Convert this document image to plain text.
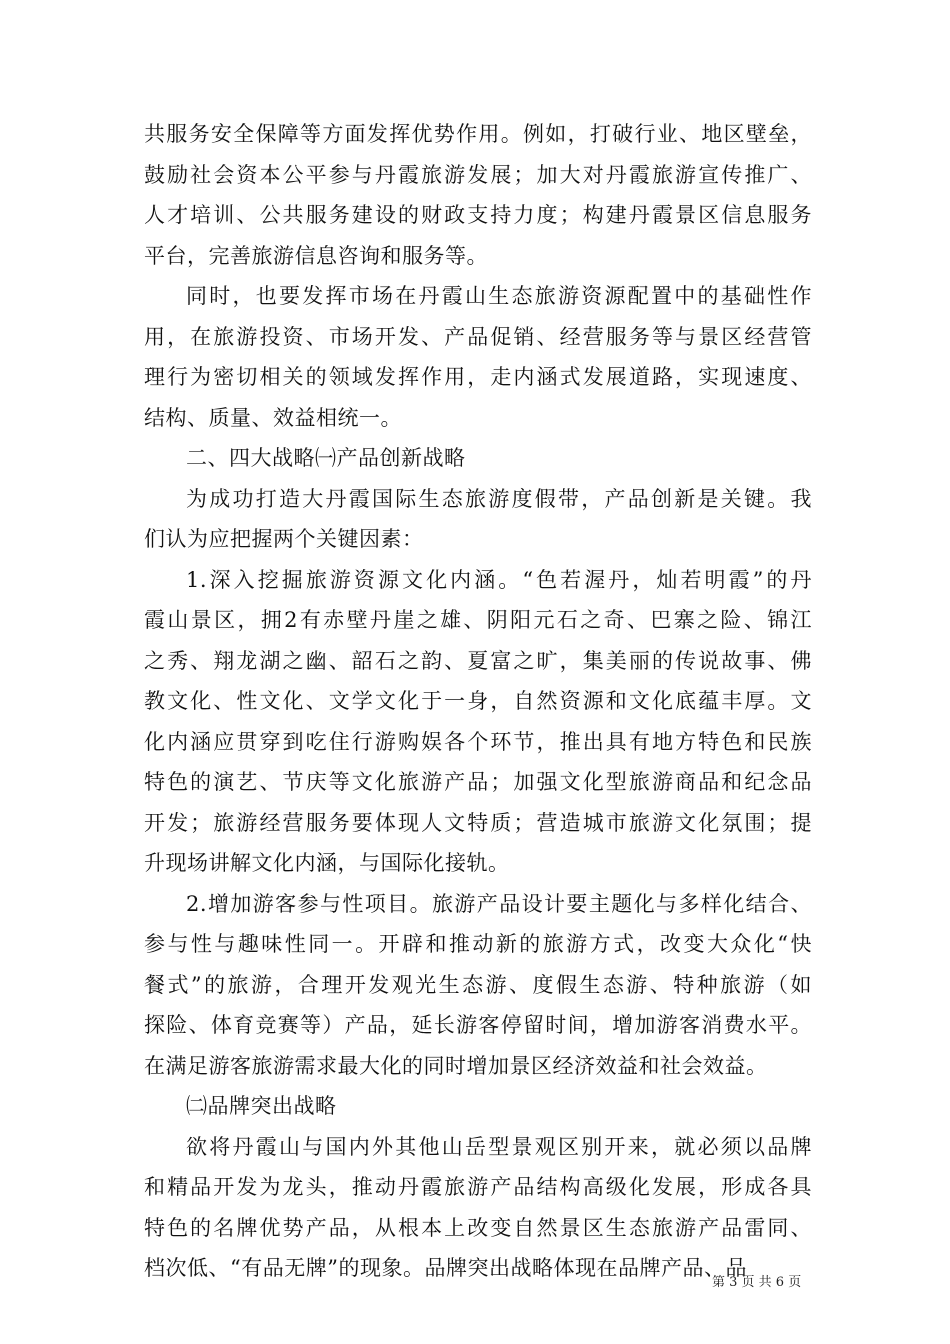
共服务安全保障等方面发挥优势作用。例如，打破行业、地区壁垒，
鼓励社会资本公平参与丹霞旅游发展；加大对丹霞旅游宣传推广、
人才培训、公共服务建设的财政支持力度；构建丹霞景区信息服务
平台，完善旅游信息咨询和服务等。
同时，也要发挥市场在丹霞山生态旅游资源配置中的基础性作
用，在旅游投资、市场开发、产品促销、经营服务等与景区经营管
理行为密切相关的领域发挥作用，走内涵式发展道路，实现速度、
结构、质量、效益相统一。
二、四大战略㈠产品创新战略
为成功打造大丹霞国际生态旅游度假带，产品创新是关键。我
们认为应把握两个关键因素：
1.深入挖掘旅游资源文化内涵。“色若渥丹，灿若明霞”的丹
霞山景区，拥2有赤壁丹崖之雄、阴阳元石之奇、巴寨之险、锦江
之秀、翔龙湖之幽、韶石之韵、夏富之旷，集美丽的传说故事、佛
教文化、性文化、文学文化于一身，自然资源和文化底蕴丰厚。文
化内涵应贯穿到吃住行游购娱各个环节，推出具有地方特色和民族
特色的演艺、节庆等文化旅游产品；加强文化型旅游商品和纪念品
开发；旅游经营服务要体现人文特质；营造城市旅游文化氛围；提
升现场讲解文化内涵，与国际化接轨。
2.增加游客参与性项目。旅游产品设计要主题化与多样化结合、
参与性与趣味性同一。开辟和推动新的旅游方式，改变大众化“快
餐式”的旅游，合理开发观光生态游、度假生态游、特种旅游（如
探险、体育竞赛等）产品，延长游客停留时间，增加游客消费水平。
在满足游客旅游需求最大化的同时增加景区经济效益和社会效益。
㈡品牌突出战略
欲将丹霞山与国内外其他山岳型景观区别开来，就必须以品牌
和精品开发为龙头，推动丹霞旅游产品结构高级化发展，形成各具
特色的名牌优势产品，从根本上改变自然景区生态旅游产品雷同、
档次低、“有品无牌”的现象。品牌突出战略体现在品牌产品、品
第 3 页 共 6 页
